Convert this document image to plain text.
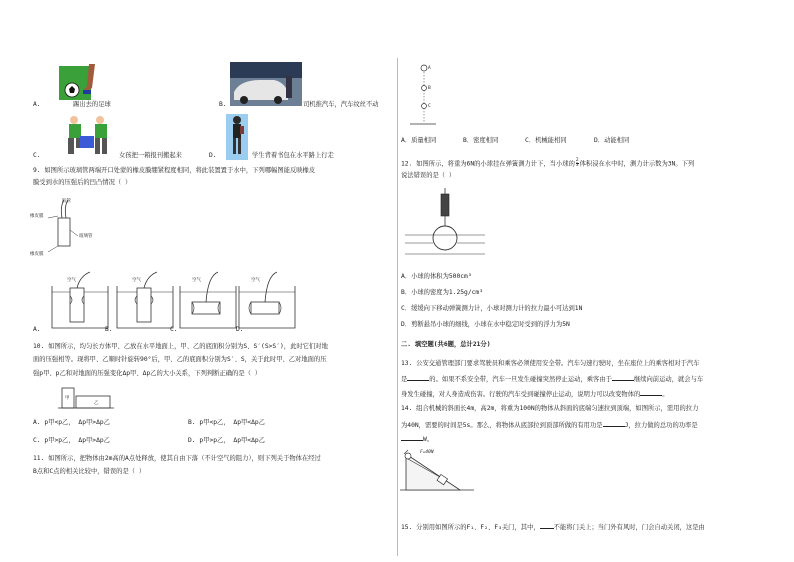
A.	踢出去的足球	B.	司机推汽车，汽车纹丝不动
C.	女孩把一箱报刊搬起来	D.	学生背着书包在水平路上行走
9. 如图所示玻璃管两端开口处蒙的橡皮膜绷紧程度相同，将此装置置于水中，下列哪幅图能反映橡皮
膜受到水的压强后的凹凸情况（ ）
胶管
橡皮膜
玻璃管
橡皮膜
空气
A.
空气
B.
空气
C.
空气
D.
10. 如图所示，均匀长方体甲、乙放在水平地面上，甲、乙的底面积分别为S、S′(S>S′)，此时它们对地
面的压强相等。现将甲、乙顺时针旋转90°后，甲、乙的底面积分别为S′、S，关于此时甲、乙对地面的压
强p甲、p乙和对地面的压强变化Δp甲、Δp乙的大小关系，下列判断正确的是（ ）
甲
乙
A. p甲<p乙， Δp甲>Δp乙	B. p甲<p乙， Δp甲<Δp乙
C. p甲>p乙， Δp甲>Δp乙	D. p甲>p乙， Δp甲<Δp乙
11. 如图所示，把物体由2m高的A点处释放，使其自由下落（不计空气的阻力），则下列关于物体在经过
B点和C点的相关比较中，错误的是（ ）
A
B
C
A．质量相同	B．密度相同	C．机械能相同	D．动能相同
12. 如图所示，将重为6N的小球挂在弹簧测力计下，当小球的 $\frac{2}{3}$ 体积浸在水中时，测力计示数为3N。下列
说法错误的是（ ）
A．小球的体积为500cm³
B．小球的密度为1.25g/cm³
C．缓缓向下移动弹簧测力计，小球对测力计的拉力最小可达到1N
D．剪断悬吊小球的细线，小球在水中稳定时受到的浮力为5N
二. 填空题(共6题，总计21分)
13. 公安交通管理部门要求驾驶员和乘客必须使用安全带。汽车匀速行驶时，坐在座位上的乘客相对于汽车
是	的。如果不系安全带，汽车一旦发生碰撞突然停止运动，乘客由于	继续向前运动，就会与车
身发生碰撞，对人身造成伤害。行驶的汽车受到碰撞停止运动，说明力可以改变物体的	。
14. 组合机械的斜面长4m，高2m，将重为100N的物体从斜面的底端匀速拉到顶端，如图所示，需用的拉力
为40N，需要的时间是5s。那么，将物体从底部拉到顶部所做的有用功是	J，拉力做的总功的功率是
W。
F=40N
15. 分别用如图所示的F₁、F₂、F₃关门，其中， 不能将门关上；当门外有风时，门会自动关闭，这是由
